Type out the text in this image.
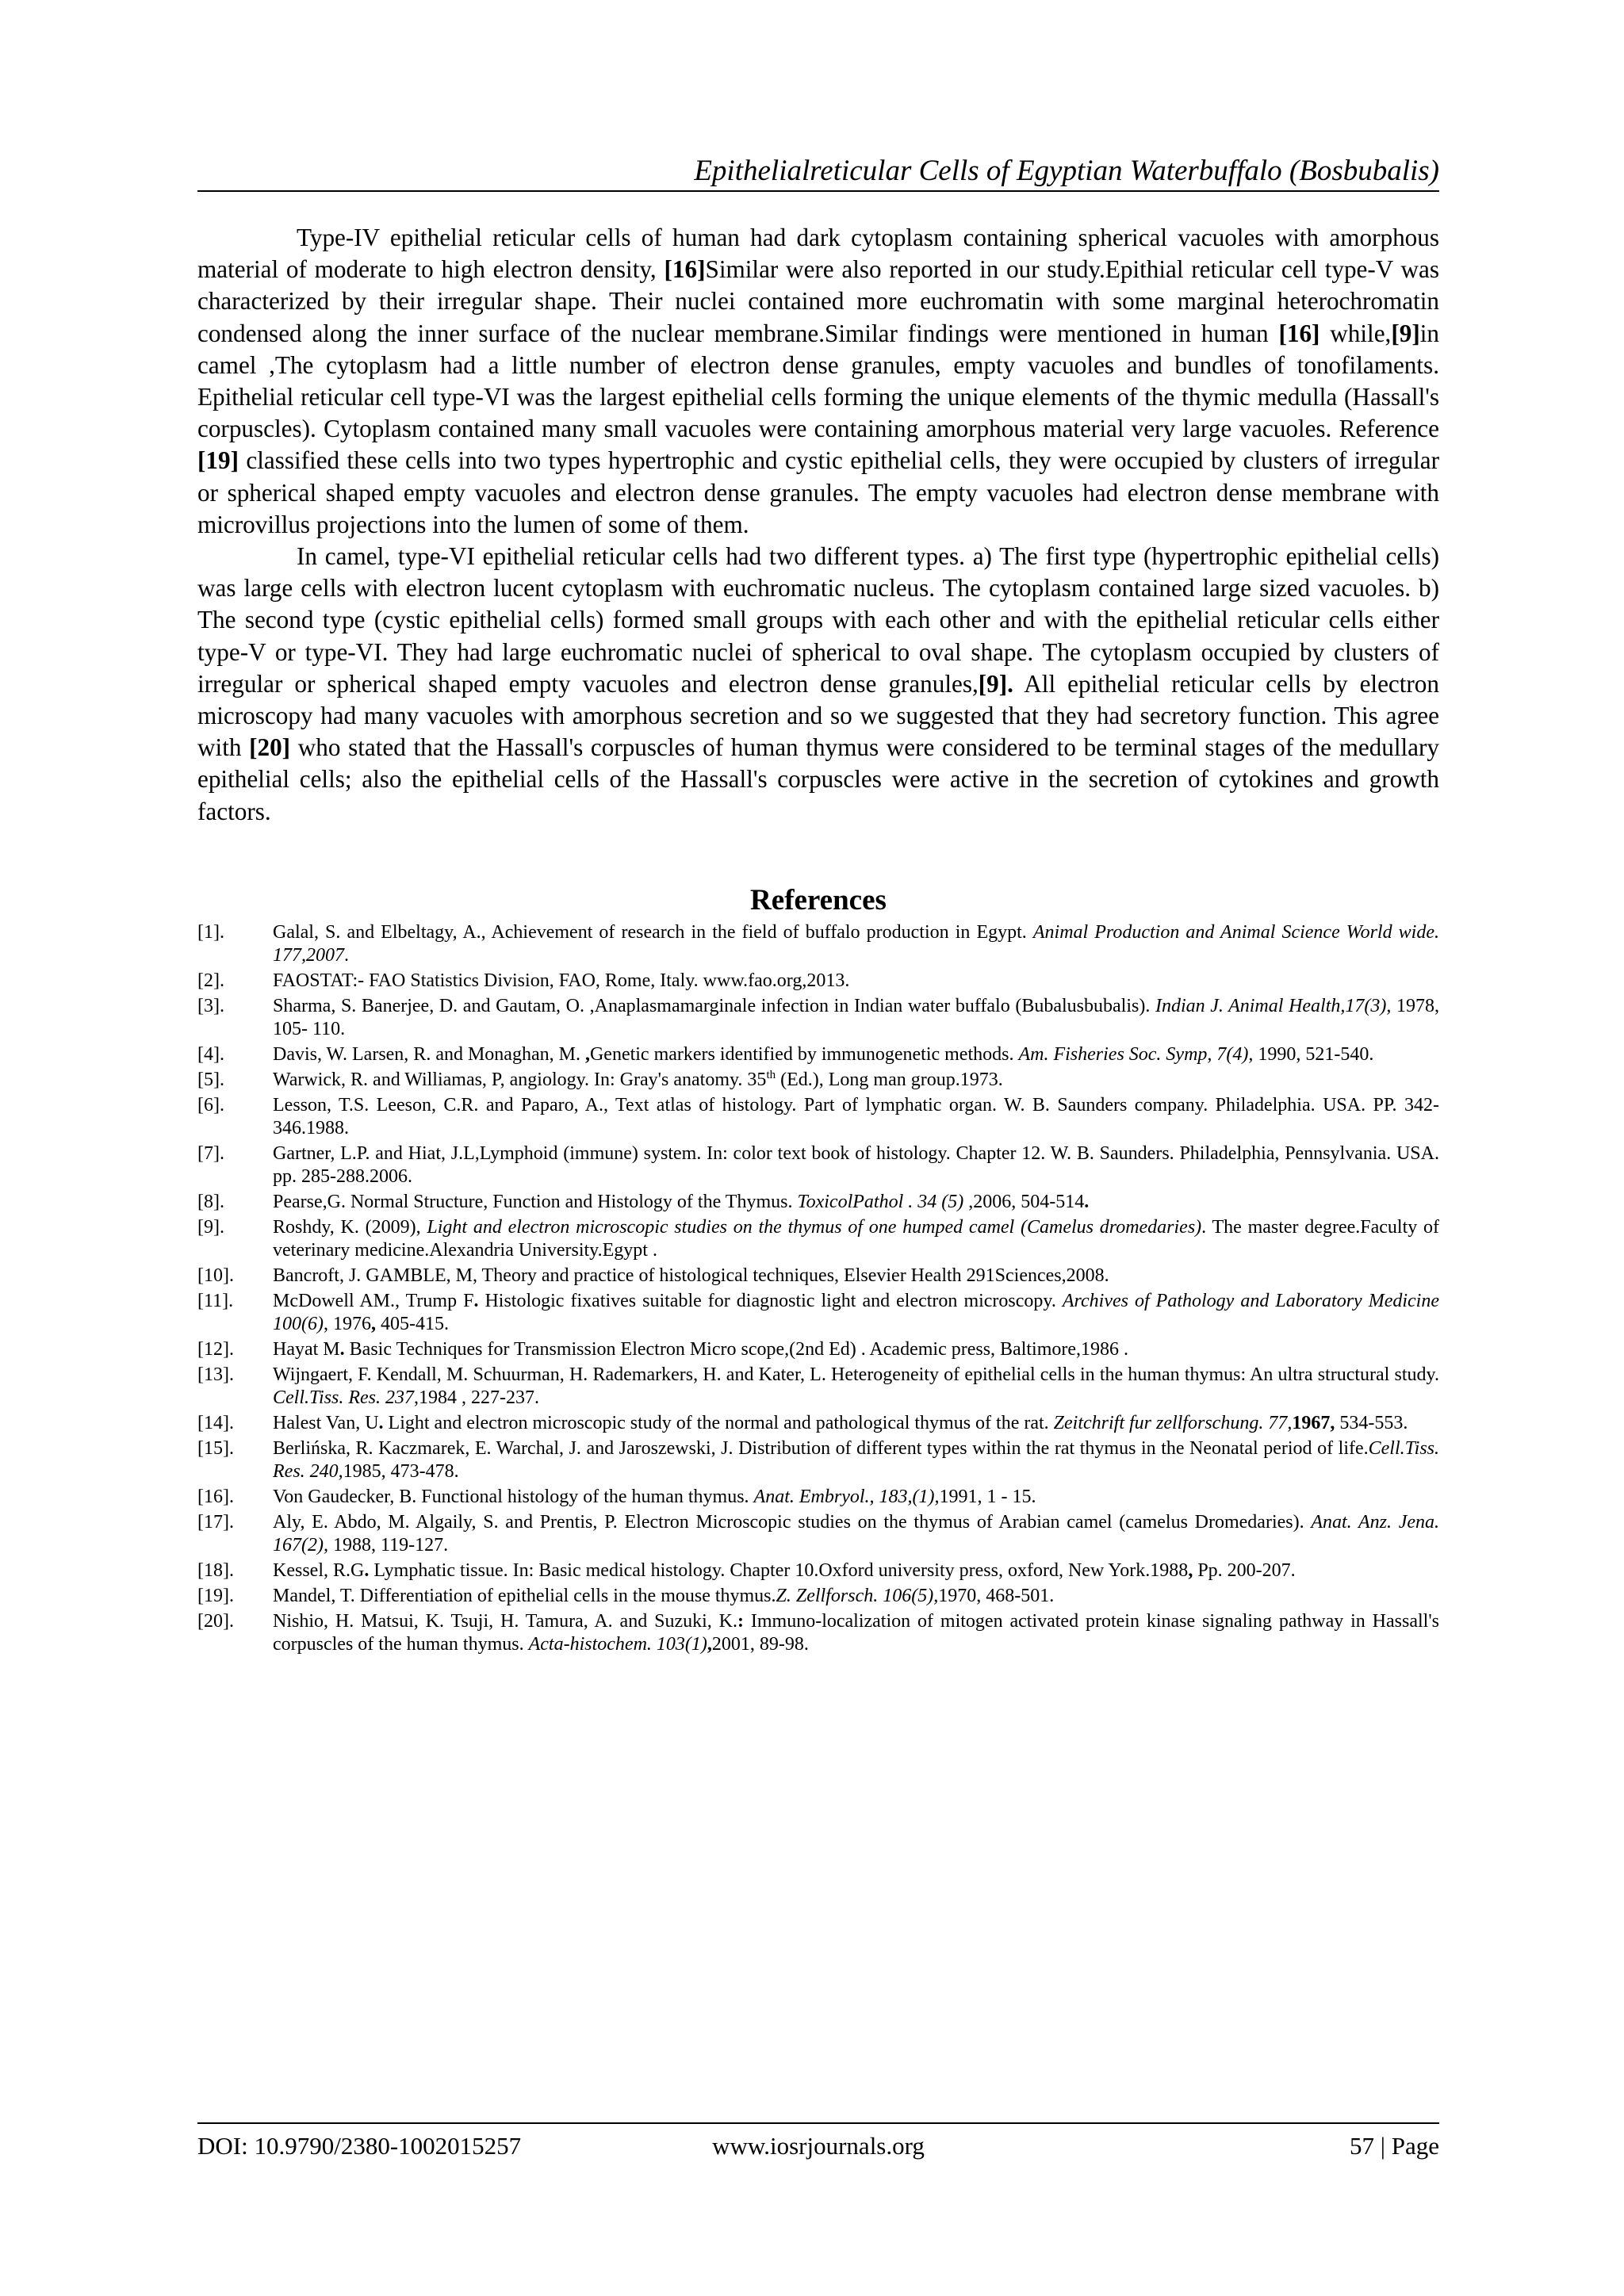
Epithelialreticular Cells of Egyptian Waterbuffalo (Bosbubalis)

Type-IV epithelial reticular cells of human had dark cytoplasm containing spherical vacuoles with amorphous material of moderate to high electron density, [16]Similar were also reported in our study.Epithial reticular cell type-V was characterized by their irregular shape. Their nuclei contained more euchromatin with some marginal heterochromatin condensed along the inner surface of the nuclear membrane.Similar findings were mentioned in human [16] while,[9]in camel ,The cytoplasm had a little number of electron dense granules, empty vacuoles and bundles of tonofilaments. Epithelial reticular cell type-VI was the largest epithelial cells forming the unique elements of the thymic medulla (Hassall's corpuscles). Cytoplasm contained many small vacuoles were containing amorphous material very large vacuoles. Reference [19] classified these cells into two types hypertrophic and cystic epithelial cells, they were occupied by clusters of irregular or spherical shaped empty vacuoles and electron dense granules. The empty vacuoles had electron dense membrane with microvillus projections into the lumen of some of them.

In camel, type-VI epithelial reticular cells had two different types. a) The first type (hypertrophic epithelial cells) was large cells with electron lucent cytoplasm with euchromatic nucleus. The cytoplasm contained large sized vacuoles. b) The second type (cystic epithelial cells) formed small groups with each other and with the epithelial reticular cells either type-V or type-VI. They had large euchromatic nuclei of spherical to oval shape. The cytoplasm occupied by clusters of irregular or spherical shaped empty vacuoles and electron dense granules,[9]. All epithelial reticular cells by electron microscopy had many vacuoles with amorphous secretion and so we suggested that they had secretory function. This agree with [20] who stated that the Hassall's corpuscles of human thymus were considered to be terminal stages of the medullary epithelial cells; also the epithelial cells of the Hassall's corpuscles were active in the secretion of cytokines and growth factors.

References
[1].	Galal, S. and Elbeltagy, A., Achievement of research in the field of buffalo production in Egypt. Animal Production and Animal Science World wide. 177,2007.
[2].	FAOSTAT:- FAO Statistics Division, FAO, Rome, Italy. www.fao.org,2013.
[3].	Sharma, S. Banerjee, D. and Gautam, O. ,Anaplasmamarginale infection in Indian water buffalo (Bubalusbubalis). Indian J. Animal Health,17(3), 1978, 105- 110.
[4].	Davis, W. Larsen, R. and Monaghan, M. ,Genetic markers identified by immunogenetic methods. Am. Fisheries Soc. Symp, 7(4), 1990, 521-540.
[5].	Warwick, R. and Williamas, P, angiology. In: Gray's anatomy. 35th (Ed.), Long man group.1973.
[6].	Lesson, T.S. Leeson, C.R. and Paparo, A., Text atlas of histology. Part of lymphatic organ. W. B. Saunders company. Philadelphia. USA. PP. 342-346.1988.
[7].	Gartner, L.P. and Hiat, J.L,Lymphoid (immune) system. In: color text book of histology. Chapter 12. W. B. Saunders. Philadelphia, Pennsylvania. USA. pp. 285-288.2006.
[8].	Pearse,G. Normal Structure, Function and Histology of the Thymus. ToxicolPathol . 34 (5) ,2006, 504-514.
[9].	Roshdy, K. (2009), Light and electron microscopic studies on the thymus of one humped camel (Camelus dromedaries). The master degree.Faculty of veterinary medicine.Alexandria University.Egypt .
[10]. Bancroft, J. GAMBLE, M, Theory and practice of histological techniques, Elsevier Health 291Sciences,2008.
[11]. McDowell AM., Trump F. Histologic fixatives suitable for diagnostic light and electron microscopy. Archives of Pathology and Laboratory Medicine 100(6), 1976, 405-415.
[12]. Hayat M. Basic Techniques for Transmission Electron Micro scope,(2nd Ed) . Academic press, Baltimore,1986 .
[13]. Wijngaert, F. Kendall, M. Schuurman, H. Rademarkers, H. and Kater, L. Heterogeneity of epithelial cells in the human thymus: An ultra structural study. Cell.Tiss. Res. 237,1984 , 227-237.
[14]. Halest Van, U. Light and electron microscopic study of the normal and pathological thymus of the rat. Zeitchrift fur zellforschung. 77,1967, 534-553.
[15]. Berlińska, R. Kaczmarek, E. Warchal, J. and Jaroszewski, J. Distribution of different types within the rat thymus in the Neonatal period of life.Cell.Tiss. Res. 240,1985, 473-478.
[16]. Von Gaudecker, B. Functional histology of the human thymus. Anat. Embryol., 183,(1),1991, 1 - 15.
[17]. Aly, E. Abdo, M. Algaily, S. and Prentis, P. Electron Microscopic studies on the thymus of Arabian camel (camelus Dromedaries). Anat. Anz. Jena. 167(2), 1988, 119-127.
[18]. Kessel, R.G. Lymphatic tissue. In: Basic medical histology. Chapter 10.Oxford university press, oxford, New York.1988, Pp. 200-207.
[19]. Mandel, T. Differentiation of epithelial cells in the mouse thymus.Z. Zellforsch. 106(5),1970, 468-501.
[20]. Nishio, H. Matsui, K. Tsuji, H. Tamura, A. and Suzuki, K.: Immuno-localization of mitogen activated protein kinase signaling pathway in Hassall's corpuscles of the human thymus. Acta-histochem. 103(1),2001, 89-98.
DOI: 10.9790/2380-1002015257	www.iosrjournals.org	57 | Page
